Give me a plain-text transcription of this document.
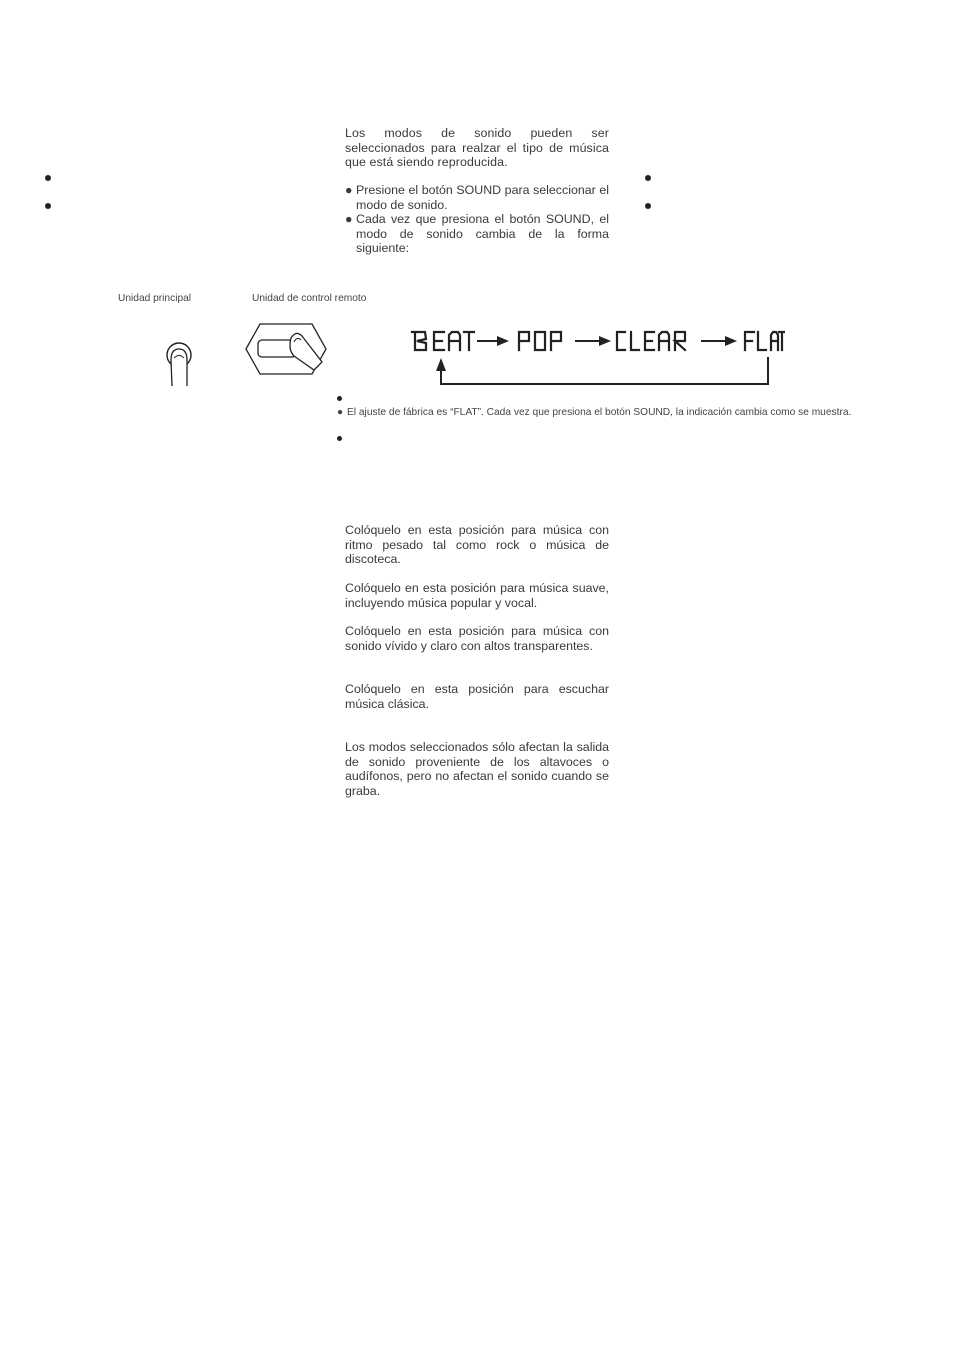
Los modos de sonido pueden ser seleccionados para realzar el tipo de música que está siendo reproducida.
● Presione el botón SOUND para seleccionar el modo de sonido.
● Cada vez que presiona el botón SOUND, el modo de sonido cambia de la forma siguiente:
Unidad principal	Unidad de control remoto
● El ajuste de fábrica es “FLAT”. Cada vez que presiona el botón SOUND, la indicación cambia como se muestra.
Colóquelo en esta posición para música con ritmo pesado tal como rock o música de discoteca.
Colóquelo en esta posición para música suave, incluyendo música popular y vocal.
Colóquelo en esta posición para música con sonido vívido y claro con altos transparentes.
Colóquelo en esta posición para escuchar música clásica.
Los modos seleccionados sólo afectan la salida de sonido proveniente de los altavoces o audífonos, pero no afectan el sonido cuando se graba.
